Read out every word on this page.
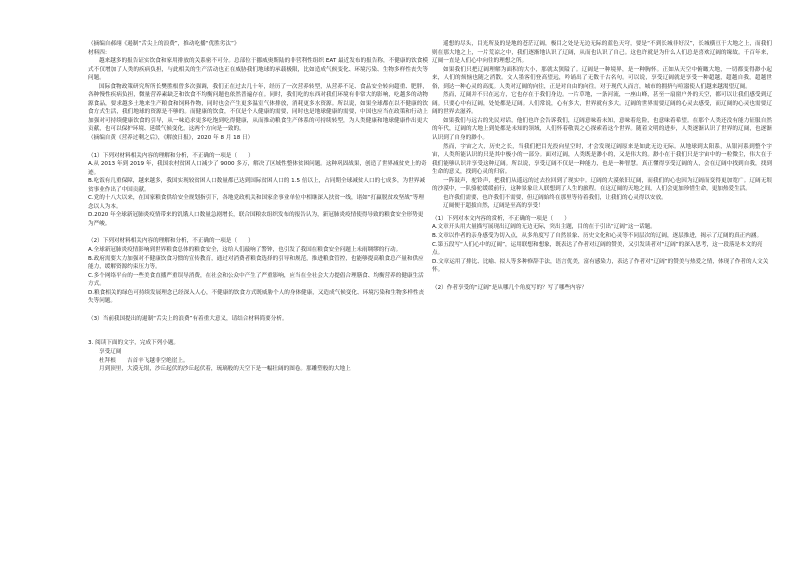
（摘编自郝翊《遏制“舌尖上的浪费”，推动吃播“优胜劣汰”》

材料四：

越来越多的报告证实饮食和家用排放的关系密不可分。总部位于挪威奥斯陆的非营利性组织 EAT 最近发布的报告称，不健康的饮食模式不仅增加了人类的疾病负担，与此相关的生产活动也正在威胁我们地球的承载极限，比如造成气候变化、环境污染、生物多样性丧失等问题。

国际食物政策研究所所长樊胜根曾多次强调，我们正在过去几十年，经历了一次营养转型，从营养不足、食品安全转向超重、肥胖，各种慢性疾病负担，微量营养素缺乏和饮食不均衡问题也依然普遍存在。同时，我们吃的东西对我们环境有非常大的影响，吃越多的动物源食品，要求越多土地来生产粮食和饲料作物，同时也会产生更多温室气体排放，消耗更多水资源。所以说，如果全球都在以不健康的饮食方式生活，我们地球的资源是不够的。而健康的饮食，不仅是个人健康的需要，同时也是地球健康的需要，中国也应当在政策和行动上加强对可持续健康饮食的引导，从一味追求更多吃饱到吃得健康，从而推动粮食生产体系的可持续转型，为人类健康和地球健康作出更大贡献，也可以保护环境、延缓气候变化，这两个方向是一致的。

（摘编自黄《营养过剩之后》，《解放日报》，2020 年 8 月 18 日）

（1）下列对材料相关内容的理解和分析，不正确的一项是（　　）

A.从 2013 年到 2019 年，我国农村贫困人口减少了 9000 多万，解决了区域性整体贫困问题。这种巩固战果，创造了世界减贫史上的奇迹。

B.吃饭有几重保障，越来越多，我国实现较贫困人口数量都已达到国际贫困人口的 1.5 倍以上，占同期全球减贫人口的七成多，为世界减贫事业作出了中国贡献。

C.党的十八大以来，在国家粮食供给安全规划指引下，各地党政机关和国家企事业单位中相继深入扶贫一线，诸如“打赢脱贫攻坚战”等理念以人为本。

D.2020 年全球新冠肺炎疫情带来的饥饿人口数量急剧增长，联合国粮农组织发布的报告认为，新冠肺炎疫情使得导致的粮食安全形势更为严峻。

（2）下列对材料相关内容的理解和分析，不正确的一项是（　　）

A.全球新冠肺炎疫情影响到世界粮食总体的粮食安全，这给人们敲响了警钟，也引发了我国在粮食安全问题上未雨绸缪的行动。

B.政府需要大力加强对不健康饮食习惯的宣传教育，通过对消费者粮食选择的引导和规范，推进粮食管控，也能够提高粮食总产量和供应能力，缓解资源约束压力等。

C.多个网络平台的一些美食直播严重误导消费，在社会和公众中产生了严重影响，应当在全社会大力提倡合理膳食、均衡营养的健康生活方式。

D.粮食相关的绿色可持续发展理念已经深入人心，不健康的饮食方式既威胁个人的身体健康，又造成气候变化、环境污染和生物多样性丧失等问题。

（3）当前我国提出的遏制“舌尖上的浪费”有着重大意义，请结合材料简要分析。

3. 阅读下面的文字，完成下列小题。

享受辽阔

杜拜根　　吉首辛飞越非空绝崖上。

月到顶里，大漠无垠，沙丘起伏的沙丘起伏着，琉璃般的天空下是一幅壮阔的图卷。那雕塑般的大地上

遥想的尽头，目光所及的是地的苍茫辽阔，极目之处是无边无际的蓝色天穹，要是“不到长城非好汉”，长城横亘于大地之上，而我们则在那大地之上，一片荒凉之中，我们逐渐地认识了辽阔，从而也认识了自己。这也许就是为什么人们总是喜欢辽阔的缘故。千百年来，辽阔一直是人们心中向往的理想之所。

如果我们只把辽阔理解为面积的大小，那就太狭隘了。辽阔是一种境界，是一种胸怀。正如从天空中俯瞰大地，一切都变得渺小起来，人们的烦恼也随之消散。文人墨客们登高望远，吟诵出了无数千古名句。可以说，享受辽阔就是享受一种超越，超越自我，超越世俗，到达一种心灵的高度。人类对辽阔的向往，正是对自由的向往。对于现代人而言，城市的拥挤与喧嚣使人们越来越渴望辽阔。

然而，辽阔并不只在远方，它也存在于我们身边。一片草地，一条河流，一座山峰，甚至一扇窗户外的天空，都可以让我们感受到辽阔。只要心中有辽阔，处处都是辽阔。人们常说，心有多大，世界就有多大。辽阔的世界需要辽阔的心灵去感受，而辽阔的心灵也需要辽阔的世界去滋养。

如果我们与远古的先民对话，他们也许会告诉我们，辽阔意味着未知，意味着危险，也意味着希望。在那个人类还没有能力征服自然的年代，辽阔的大地上到处都是未知的领域，人们怀着敬畏之心探索着这个世界。随着文明的进步，人类逐渐认识了世界的辽阔，也逐渐认识到了自身的渺小。

然而，宇宙之大，历史之长，当我们把目光投向星空时，才会发现辽阔原来是如此无边无际。从地球到太阳系，从银河系到整个宇宙，人类所能认识的只是其中极小的一部分。面对辽阔，人类既是渺小的，又是伟大的。渺小在于我们只是宇宙中的一粒微尘，伟大在于我们能够认识并享受这种辽阔。所以说，享受辽阔不仅是一种能力，也是一种智慧。真正懂得享受辽阔的人，会在辽阔中找到自我，找到生命的意义，找到心灵的归宿。

一阵鼓声，驼铃声，把我们从遥远的过去拉回到了现实中。辽阔的大漠依旧辽阔，而我们的心也因为辽阔而变得更加宽广。辽阔无垠的沙漠中，一队骆驼缓缓前行，这种景象让人联想到了人生的旅程。在这辽阔的天地之间，人们会更加珍惜生命，更加热爱生活。

也许我们需要，也许我们不需要，但辽阔始终在那里等待着我们，让我们的心灵得以安放。

辽阔便于超拔自然，辽阔是至高的享受！

（1）下列对本文内容的赏析，不正确的一项是（　　）

A.文章开头用大量描写展现出辽阔的无边无际，突出主题，目的在于引出“辽阔”这一话题。

B.文章以作者的亲身感受为切入点，从多角度写了自然景象、历史文化和心灵等不同层次的辽阔，逐层推进，揭示了辽阔的真正内涵。

C.第五段写“人们心中的辽阔”，运用联想和想象，既表达了作者对辽阔的赞美，又引发读者对“辽阔”的深入思考，这一段落是本文的亮点。

D.文章运用了排比、比喻、拟人等多种修辞手法，语言优美，富有感染力，表达了作者对“辽阔”的赞美与热爱之情，体现了作者的人文关怀。

（2）作者享受的“辽阔”是从哪几个角度写的？写了哪些内容？
